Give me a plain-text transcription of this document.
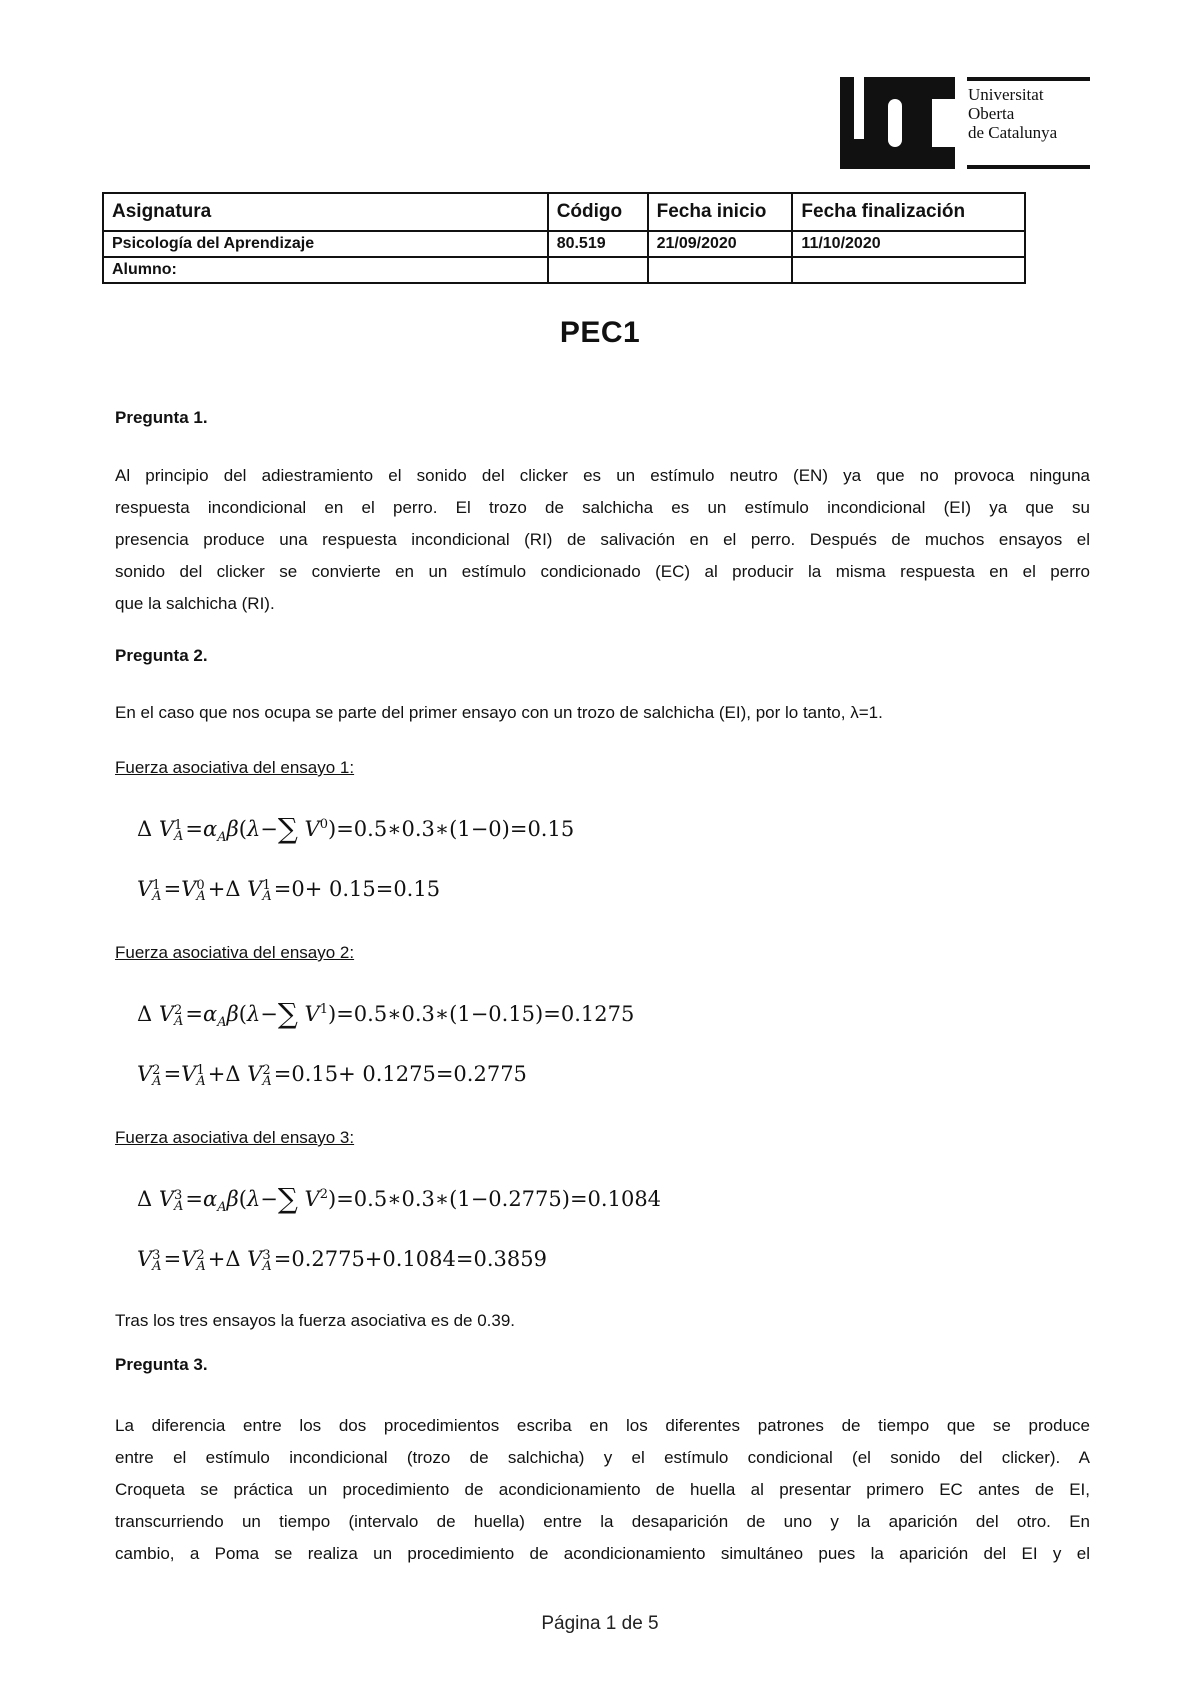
Universitat
Oberta
de Catalunya
Asignatura	Código	Fecha inicio	Fecha finalización
Psicología del Aprendizaje	80.519	21/09/2020	11/10/2020
Alumno:			
PEC1
Pregunta 1.
Al principio del adiestramiento el sonido del clicker es un estímulo neutro (EN) ya que no provoca ninguna
respuesta incondicional en el perro. El trozo de salchicha es un estímulo incondicional (EI) ya que su
presencia produce una respuesta incondicional (RI) de salivación en el perro. Después de muchos ensayos el
sonido del clicker se convierte en un estímulo condicionado (EC) al producir la misma respuesta en el perro
que la salchicha (RI).
Pregunta 2.
En el caso que nos ocupa se parte del primer ensayo con un trozo de salchicha (EI), por lo tanto, λ=1.
Fuerza asociativa del ensayo 1:
Δ V 1
$A =\alpha_A\beta(\lambda-\sum$ $V^0)=0.5∗0.3∗(1-0)=0.15$
V 1
A =V 0
A +Δ V 1
A =0+ 0.15=0.15
Fuerza asociativa del ensayo 2:
Δ V 2
$A =\alpha_A\beta(\lambda-\sum$ $V^1)=0.5∗0.3∗(1-0.15)=0.1275$
V 2
A =V 1
A +Δ V 2
A =0.15+ 0.1275=0.2775
Fuerza asociativa del ensayo 3:
Δ V 3
$A =\alpha_A\beta(\lambda-\sum$ $V^2)=0.5∗0.3∗(1-0.2775)=0.1084$
V 3
A =V 2
A +Δ V 3
A =0.2775+0.1084=0.3859
Tras los tres ensayos la fuerza asociativa es de 0.39.
Pregunta 3.
La diferencia entre los dos procedimientos escriba en los diferentes patrones de tiempo que se produce
entre el estímulo incondicional (trozo de salchicha) y el estímulo condicional (el sonido del clicker). A
Croqueta se práctica un procedimiento de acondicionamiento de huella al presentar primero EC antes de EI,
transcurriendo un tiempo (intervalo de huella) entre la desaparición de uno y la aparición del otro. En
cambio, a Poma se realiza un procedimiento de acondicionamiento simultáneo pues la aparición del EI y el
Página 1 de 5
